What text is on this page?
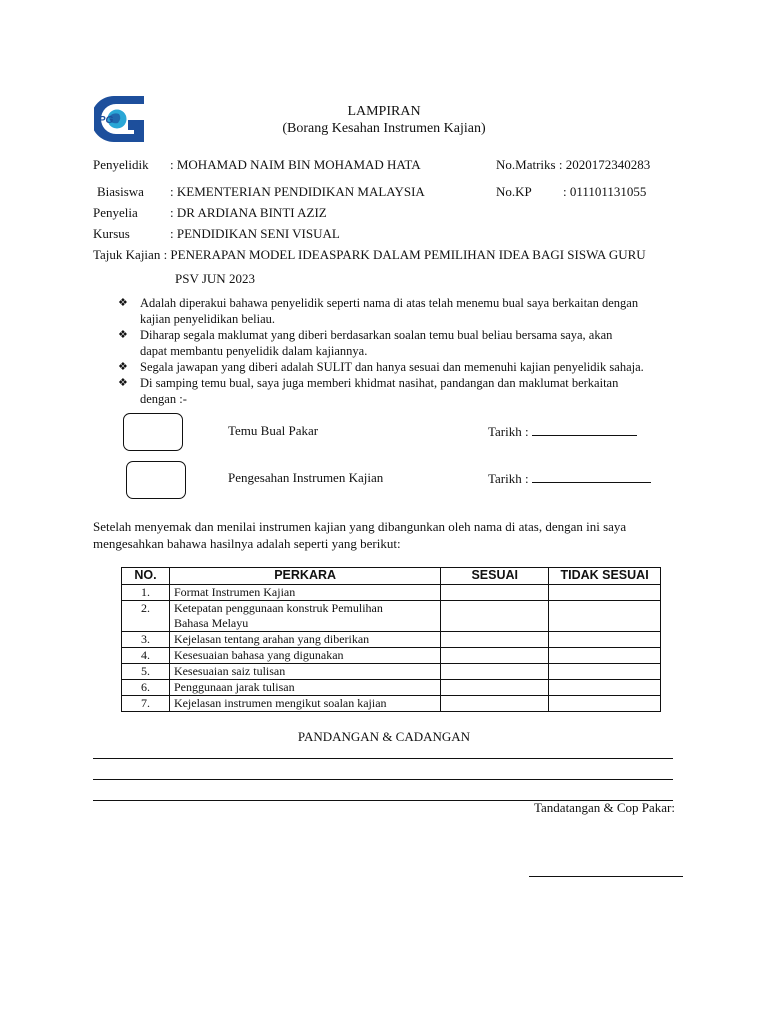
iPG
LAMPIRAN
(Borang Kesahan Instrumen Kajian)
Penyelidik : MOHAMAD NAIM BIN MOHAMAD HATA	No.Matriks : 2020172340283
Biasiswa : KEMENTERIAN PENDIDIKAN MALAYSIA	No.KP : 011101131055
Penyelia : DR ARDIANA BINTI AZIZ
Kursus	: PENDIDIKAN SENI VISUAL
Tajuk Kajian : PENERAPAN MODEL IDEASPARK DALAM PEMILIHAN IDEA BAGI SISWA GURU
PSV JUN 2023
❖ Adalah diperakui bahawa penyelidik seperti nama di atas telah menemu bual saya berkaitan dengan
kajian penyelidikan beliau.
❖ Diharap segala maklumat yang diberi berdasarkan soalan temu bual beliau bersama saya, akan
dapat membantu penyelidik dalam kajiannya.
❖ Segala jawapan yang diberi adalah SULIT dan hanya sesuai dan memenuhi kajian penyelidik sahaja.
❖ Di samping temu bual, saya juga memberi khidmat nasihat, pandangan dan maklumat berkaitan
dengan :-
Temu Bual Pakar	Tarikh :
Pengesahan Instrumen Kajian	Tarikh :
Setelah menyemak dan menilai instrumen kajian yang dibangunkan oleh nama di atas, dengan ini saya
mengesahkan bahawa hasilnya adalah seperti yang berikut:
NO.	PERKARA	SESUAI	TIDAK SESUAI
1.	Format Instrumen Kajian		
2.	Ketepatan penggunaan konstruk Pemulihan
Bahasa Melayu		
3.	Kejelasan tentang arahan yang diberikan		
4.	Kesesuaian bahasa yang digunakan		
5.	Kesesuaian saiz tulisan		
6.	Penggunaan jarak tulisan		
7.	Kejelasan instrumen mengikut soalan kajian		
PANDANGAN & CADANGAN
Tandatangan & Cop Pakar:
